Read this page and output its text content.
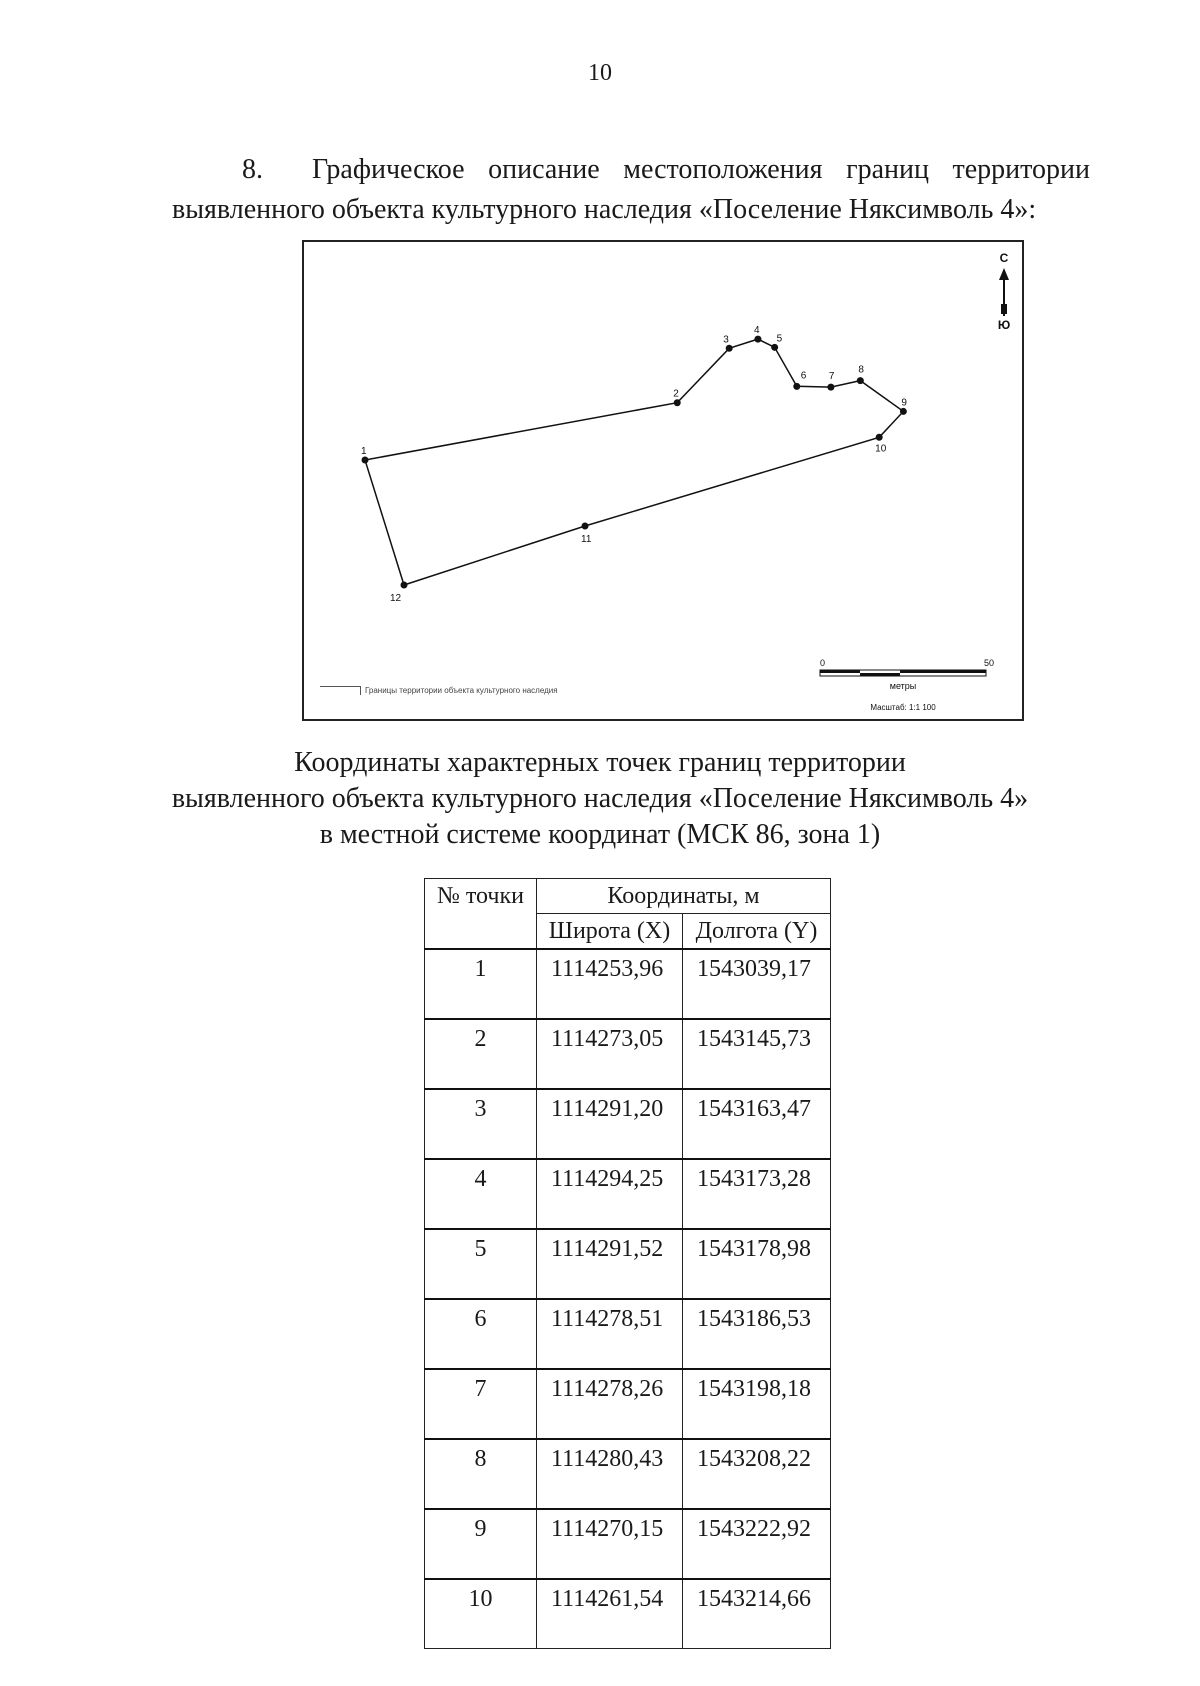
10
8.	Графическое описание местоположения границ территории
выявленного объекта культурного наследия «Поселение Няксимволь 4»:
1
2
3
4
5
6 7
8
9
10
11
12
С
Ю
0	50
метры
Масштаб: 1:1 100
Границы территории объекта культурного наследия
Координаты характерных точек границ территории
выявленного объекта культурного наследия «Поселение Няксимволь 4»
в местной системе координат (МСК 86, зона 1)
№ точки	Координаты, м	
	Широта (X)	Долгота (Y)
1	1114253,96	1543039,17
2	1114273,05	1543145,73
3	1114291,20	1543163,47
4	1114294,25	1543173,28
5	1114291,52	1543178,98
6	1114278,51	1543186,53
7	1114278,26	1543198,18
8	1114280,43	1543208,22
9	1114270,15	1543222,92
10	1114261,54	1543214,66
